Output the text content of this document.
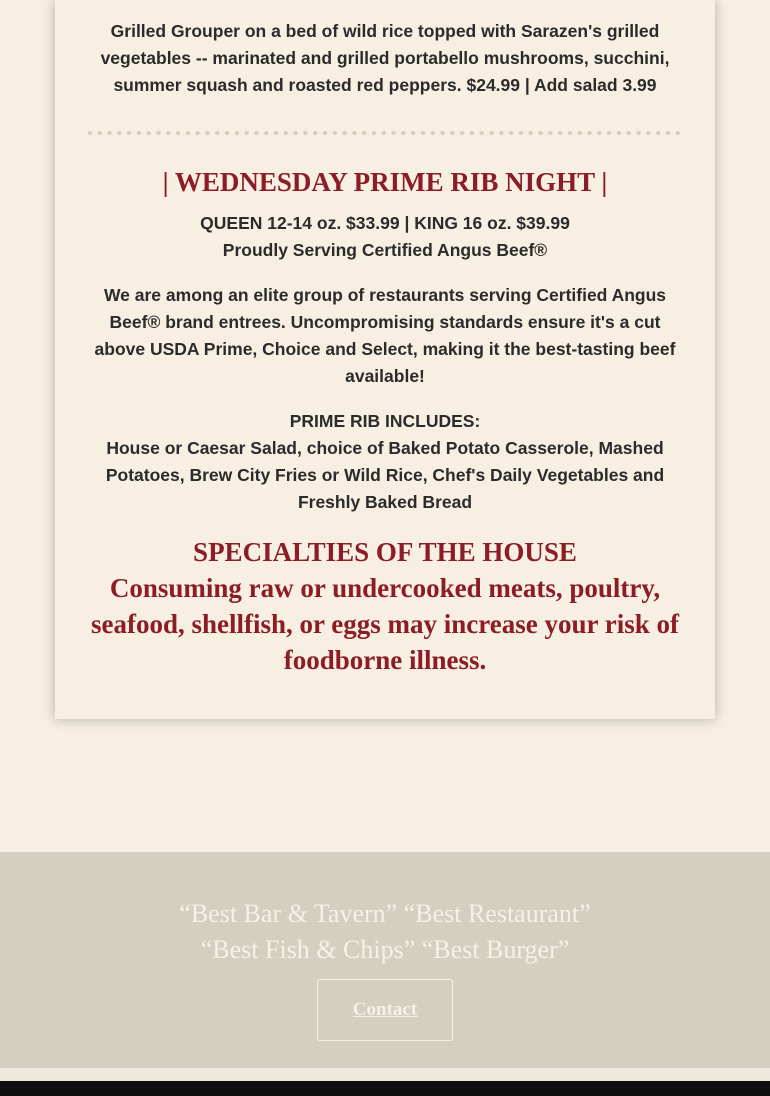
Grilled Grouper on a bed of wild rice topped with Sarazen's grilled vegetables -- marinated and grilled portabello mushrooms, succhini, summer squash and roasted red peppers. $24.99 | Add salad 3.99

| WEDNESDAY PRIME RIB NIGHT |

QUEEN 12-14 oz. $33.99 | KING 16 oz. $39.99

Proudly Serving Certified Angus Beef®

We are among an elite group of restaurants serving Certified Angus Beef® brand entrees. Uncompromising standards ensure it's a cut above USDA Prime, Choice and Select, making it the best-tasting beef available!

PRIME RIB INCLUDES:

House or Caesar Salad, choice of Baked Potato Casserole, Mashed Potatoes, Brew City Fries or Wild Rice, Chef's Daily Vegetables and Freshly Baked Bread

SPECIALTIES OF THE HOUSE

Consuming raw or undercooked meats, poultry, seafood, shellfish, or eggs may increase your risk of foodborne illness.

“Best Bar & Tavern” “Best Restaurant”

“Best Fish & Chips” “Best Burger”

Contact
